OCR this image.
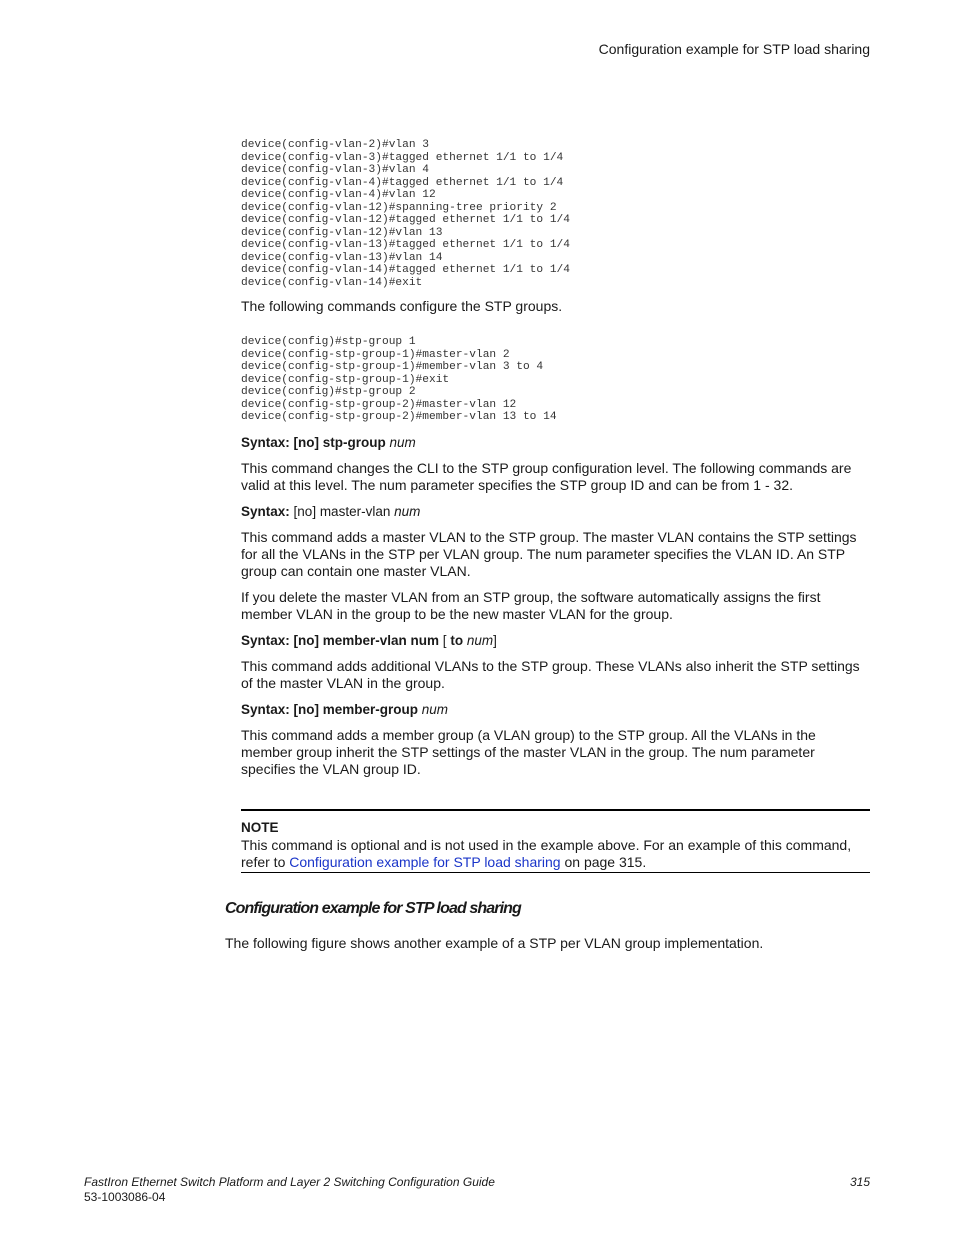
Configuration example for STP load sharing
device(config-vlan-2)#vlan 3
device(config-vlan-3)#tagged ethernet 1/1 to 1/4
device(config-vlan-3)#vlan 4
device(config-vlan-4)#tagged ethernet 1/1 to 1/4
device(config-vlan-4)#vlan 12
device(config-vlan-12)#spanning-tree priority 2
device(config-vlan-12)#tagged ethernet 1/1 to 1/4
device(config-vlan-12)#vlan 13
device(config-vlan-13)#tagged ethernet 1/1 to 1/4
device(config-vlan-13)#vlan 14
device(config-vlan-14)#tagged ethernet 1/1 to 1/4
device(config-vlan-14)#exit

The following commands configure the STP groups.

device(config)#stp-group 1
device(config-stp-group-1)#master-vlan 2
device(config-stp-group-1)#member-vlan 3 to 4
device(config-stp-group-1)#exit
device(config)#stp-group 2
device(config-stp-group-2)#master-vlan 12
device(config-stp-group-2)#member-vlan 13 to 14

Syntax: [no] stp-group num

This command changes the CLI to the STP group configuration level. The following commands are valid at this level. The num parameter specifies the STP group ID and can be from 1 - 32.

Syntax: [no] master-vlan num

This command adds a master VLAN to the STP group. The master VLAN contains the STP settings for all the VLANs in the STP per VLAN group. The num parameter specifies the VLAN ID. An STP group can contain one master VLAN.

If you delete the master VLAN from an STP group, the software automatically assigns the first member VLAN in the group to be the new master VLAN for the group.

Syntax: [no] member-vlan num [ to num]

This command adds additional VLANs to the STP group. These VLANs also inherit the STP settings of the master VLAN in the group.

Syntax: [no] member-group num

This command adds a member group (a VLAN group) to the STP group. All the VLANs in the member group inherit the STP settings of the master VLAN in the group. The num parameter specifies the VLAN group ID.

NOTE

This command is optional and is not used in the example above. For an example of this command, refer to Configuration example for STP load sharing on page 315.

Configuration example for STP load sharing
The following figure shows another example of a STP per VLAN group implementation.
FastIron Ethernet Switch Platform and Layer 2 Switching Configuration Guide
53-1003086-04
315
